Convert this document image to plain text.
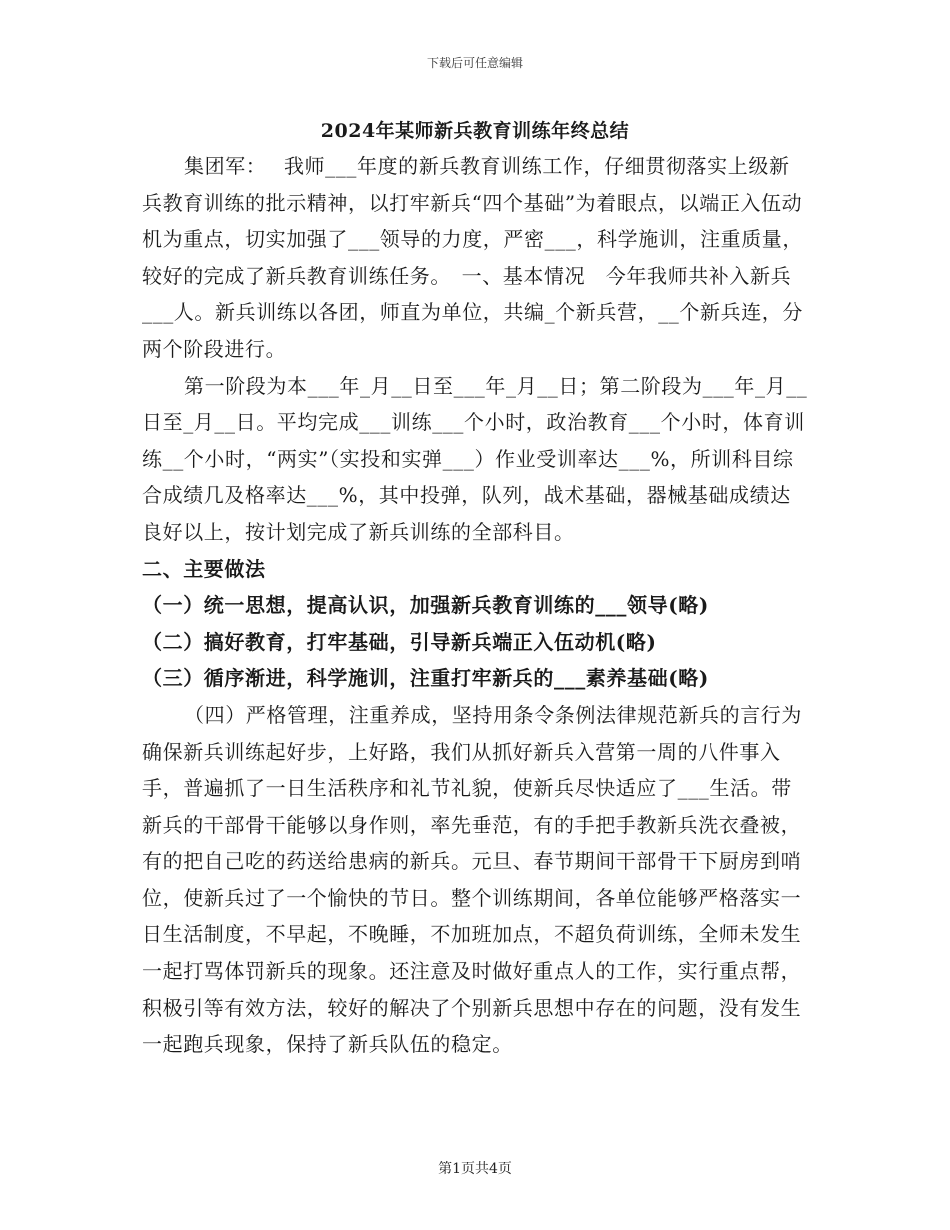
下载后可任意编辑
2024年某师新兵教育训练年终总结

集团军：　 我师___年度的新兵教育训练工作，仔细贯彻落实上级新兵教育训练的批示精神，以打牢新兵“四个基础”为着眼点，以端正入伍动机为重点，切实加强了___领导的力度，严密___，科学施训，注重质量，较好的完成了新兵教育训练任务。　一、基本情况　今年我师共补入新兵___人。新兵训练以各团，师直为单位，共编_个新兵营，__个新兵连，分两个阶段进行。

第一阶段为本___年_月__日至___年_月__日；第二阶段为___年_月__日至_月__日。平均完成___训练___个小时，政治教育___个小时，体育训练__个小时，“两实”（实投和实弹___）作业受训率达___%，所训科目综合成绩几及格率达___%，其中投弹，队列，战术基础，器械基础成绩达良好以上，按计划完成了新兵训练的全部科目。

二、主要做法

（一）统一思想，提高认识，加强新兵教育训练的___领导(略)

（二）搞好教育，打牢基础，引导新兵端正入伍动机(略)

（三）循序渐进，科学施训，注重打牢新兵的___素养基础(略)

（四）严格管理，注重养成，坚持用条令条例法律规范新兵的言行为确保新兵训练起好步，上好路，我们从抓好新兵入营第一周的八件事入手，普遍抓了一日生活秩序和礼节礼貌，使新兵尽快适应了___生活。带新兵的干部骨干能够以身作则，率先垂范，有的手把手教新兵洗衣叠被，有的把自己吃的药送给患病的新兵。元旦、春节期间干部骨干下厨房到哨位，使新兵过了一个愉快的节日。整个训练期间，各单位能够严格落实一日生活制度，不早起，不晚睡，不加班加点，不超负荷训练，全师未发生一起打骂体罚新兵的现象。还注意及时做好重点人的工作，实行重点帮，积极引等有效方法，较好的解决了个别新兵思想中存在的问题，没有发生一起跑兵现象，保持了新兵队伍的稳定。

第1页共4页
